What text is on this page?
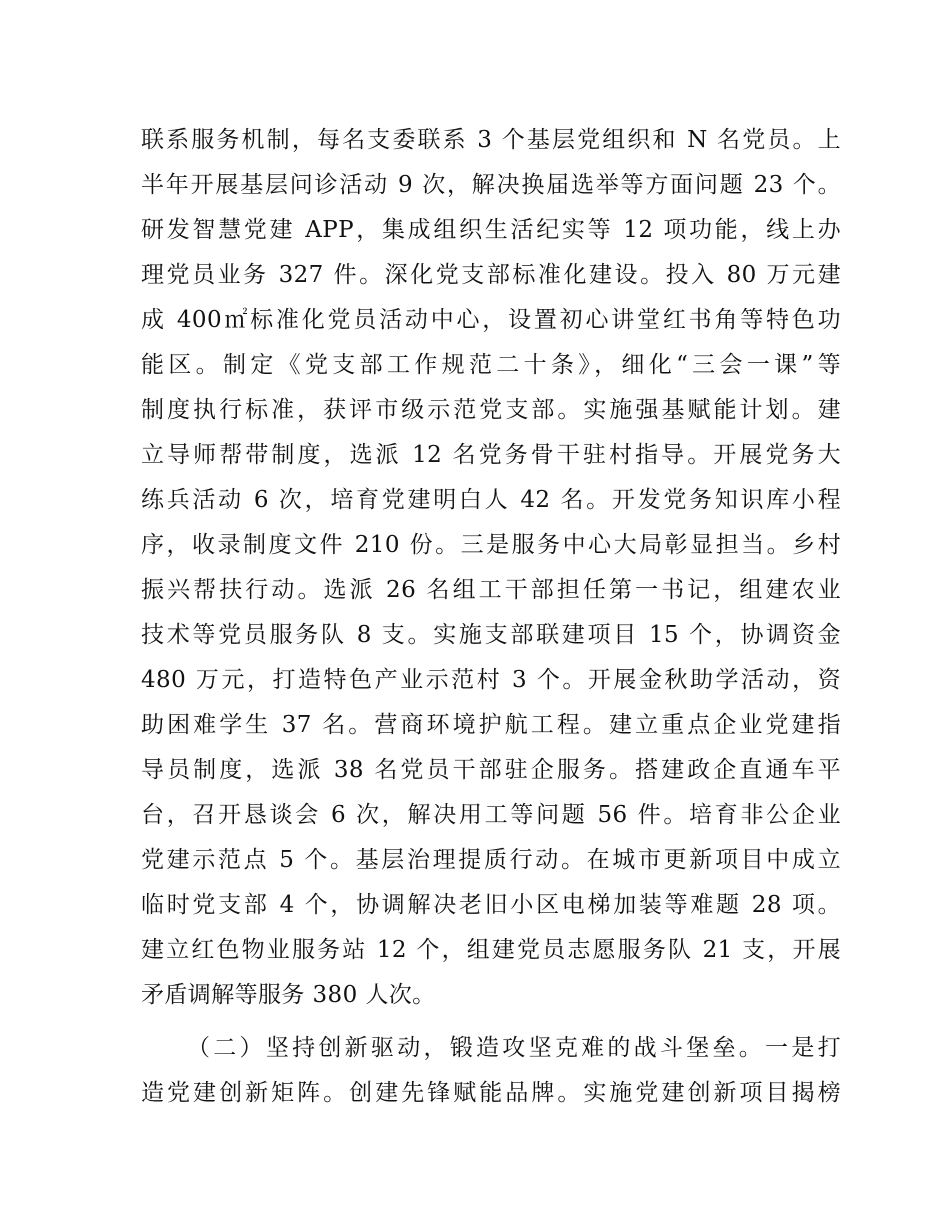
联系服务机制，每名支委联系 3 个基层党组织和 N 名党员。上
半年开展基层问诊活动 9 次，解决换届选举等方面问题 23 个。
研发智慧党建 APP，集成组织生活纪实等 12 项功能，线上办
理党员业务 327 件。深化党支部标准化建设。投入 80 万元建
成 400㎡标准化党员活动中心，设置初心讲堂红书角等特色功
能区。制定《党支部工作规范二十条》，细化“三会一课”等
制度执行标准，获评市级示范党支部。实施强基赋能计划。建
立导师帮带制度，选派 12 名党务骨干驻村指导。开展党务大
练兵活动 6 次，培育党建明白人 42 名。开发党务知识库小程
序，收录制度文件 210 份。三是服务中心大局彰显担当。乡村
振兴帮扶行动。选派 26 名组工干部担任第一书记，组建农业
技术等党员服务队 8 支。实施支部联建项目 15 个，协调资金
480 万元，打造特色产业示范村 3 个。开展金秋助学活动，资
助困难学生 37 名。营商环境护航工程。建立重点企业党建指
导员制度，选派 38 名党员干部驻企服务。搭建政企直通车平
台，召开恳谈会 6 次，解决用工等问题 56 件。培育非公企业
党建示范点 5 个。基层治理提质行动。在城市更新项目中成立
临时党支部 4 个，协调解决老旧小区电梯加装等难题 28 项。
建立红色物业服务站 12 个，组建党员志愿服务队 21 支，开展
矛盾调解等服务 380 人次。
（二）坚持创新驱动，锻造攻坚克难的战斗堡垒。一是打
造党建创新矩阵。创建先锋赋能品牌。实施党建创新项目揭榜
